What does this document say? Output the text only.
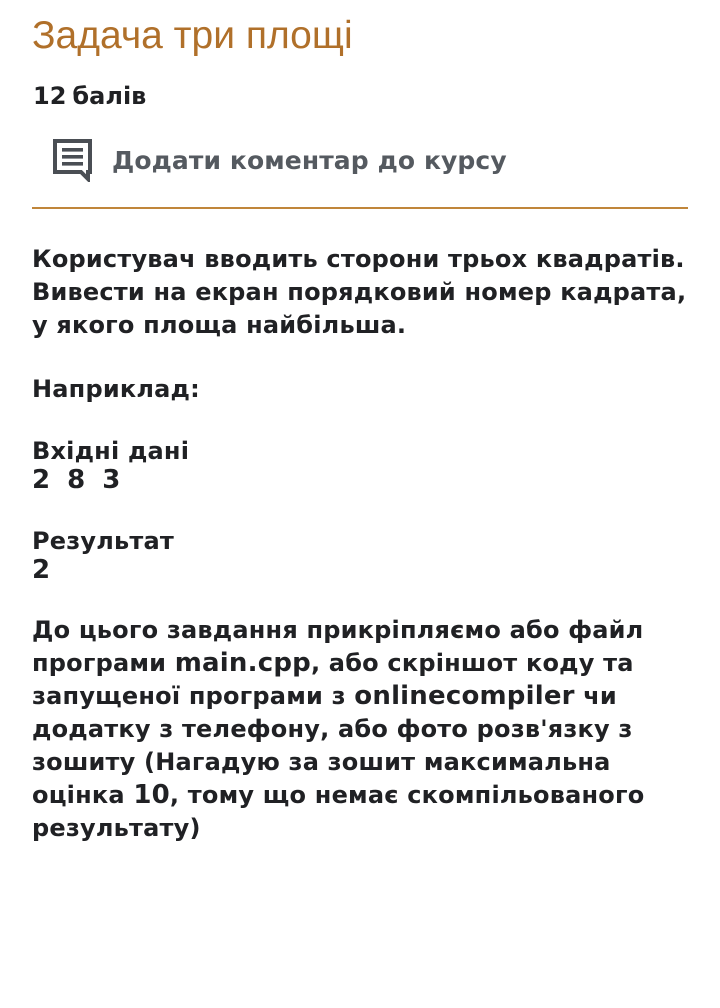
Задача три площі
12 балів
Додати коментар до курсу
Користувач вводить сторони трьох квадратів.
Вивести на екран порядковий номер кадрата,
у якого площа найбільша.
Наприклад:
Вхідні дані
2 8 3
Результат
2
До цього завдання прикріпляємо або файл
програми main.cpp, або скріншот коду та
запущеної програми з onlinecompiler чи
додатку з телефону, або фото розв'язку з
зошиту (Нагадую за зошит максимальна
оцінка 10, тому що немає скомпільованого
результату)
